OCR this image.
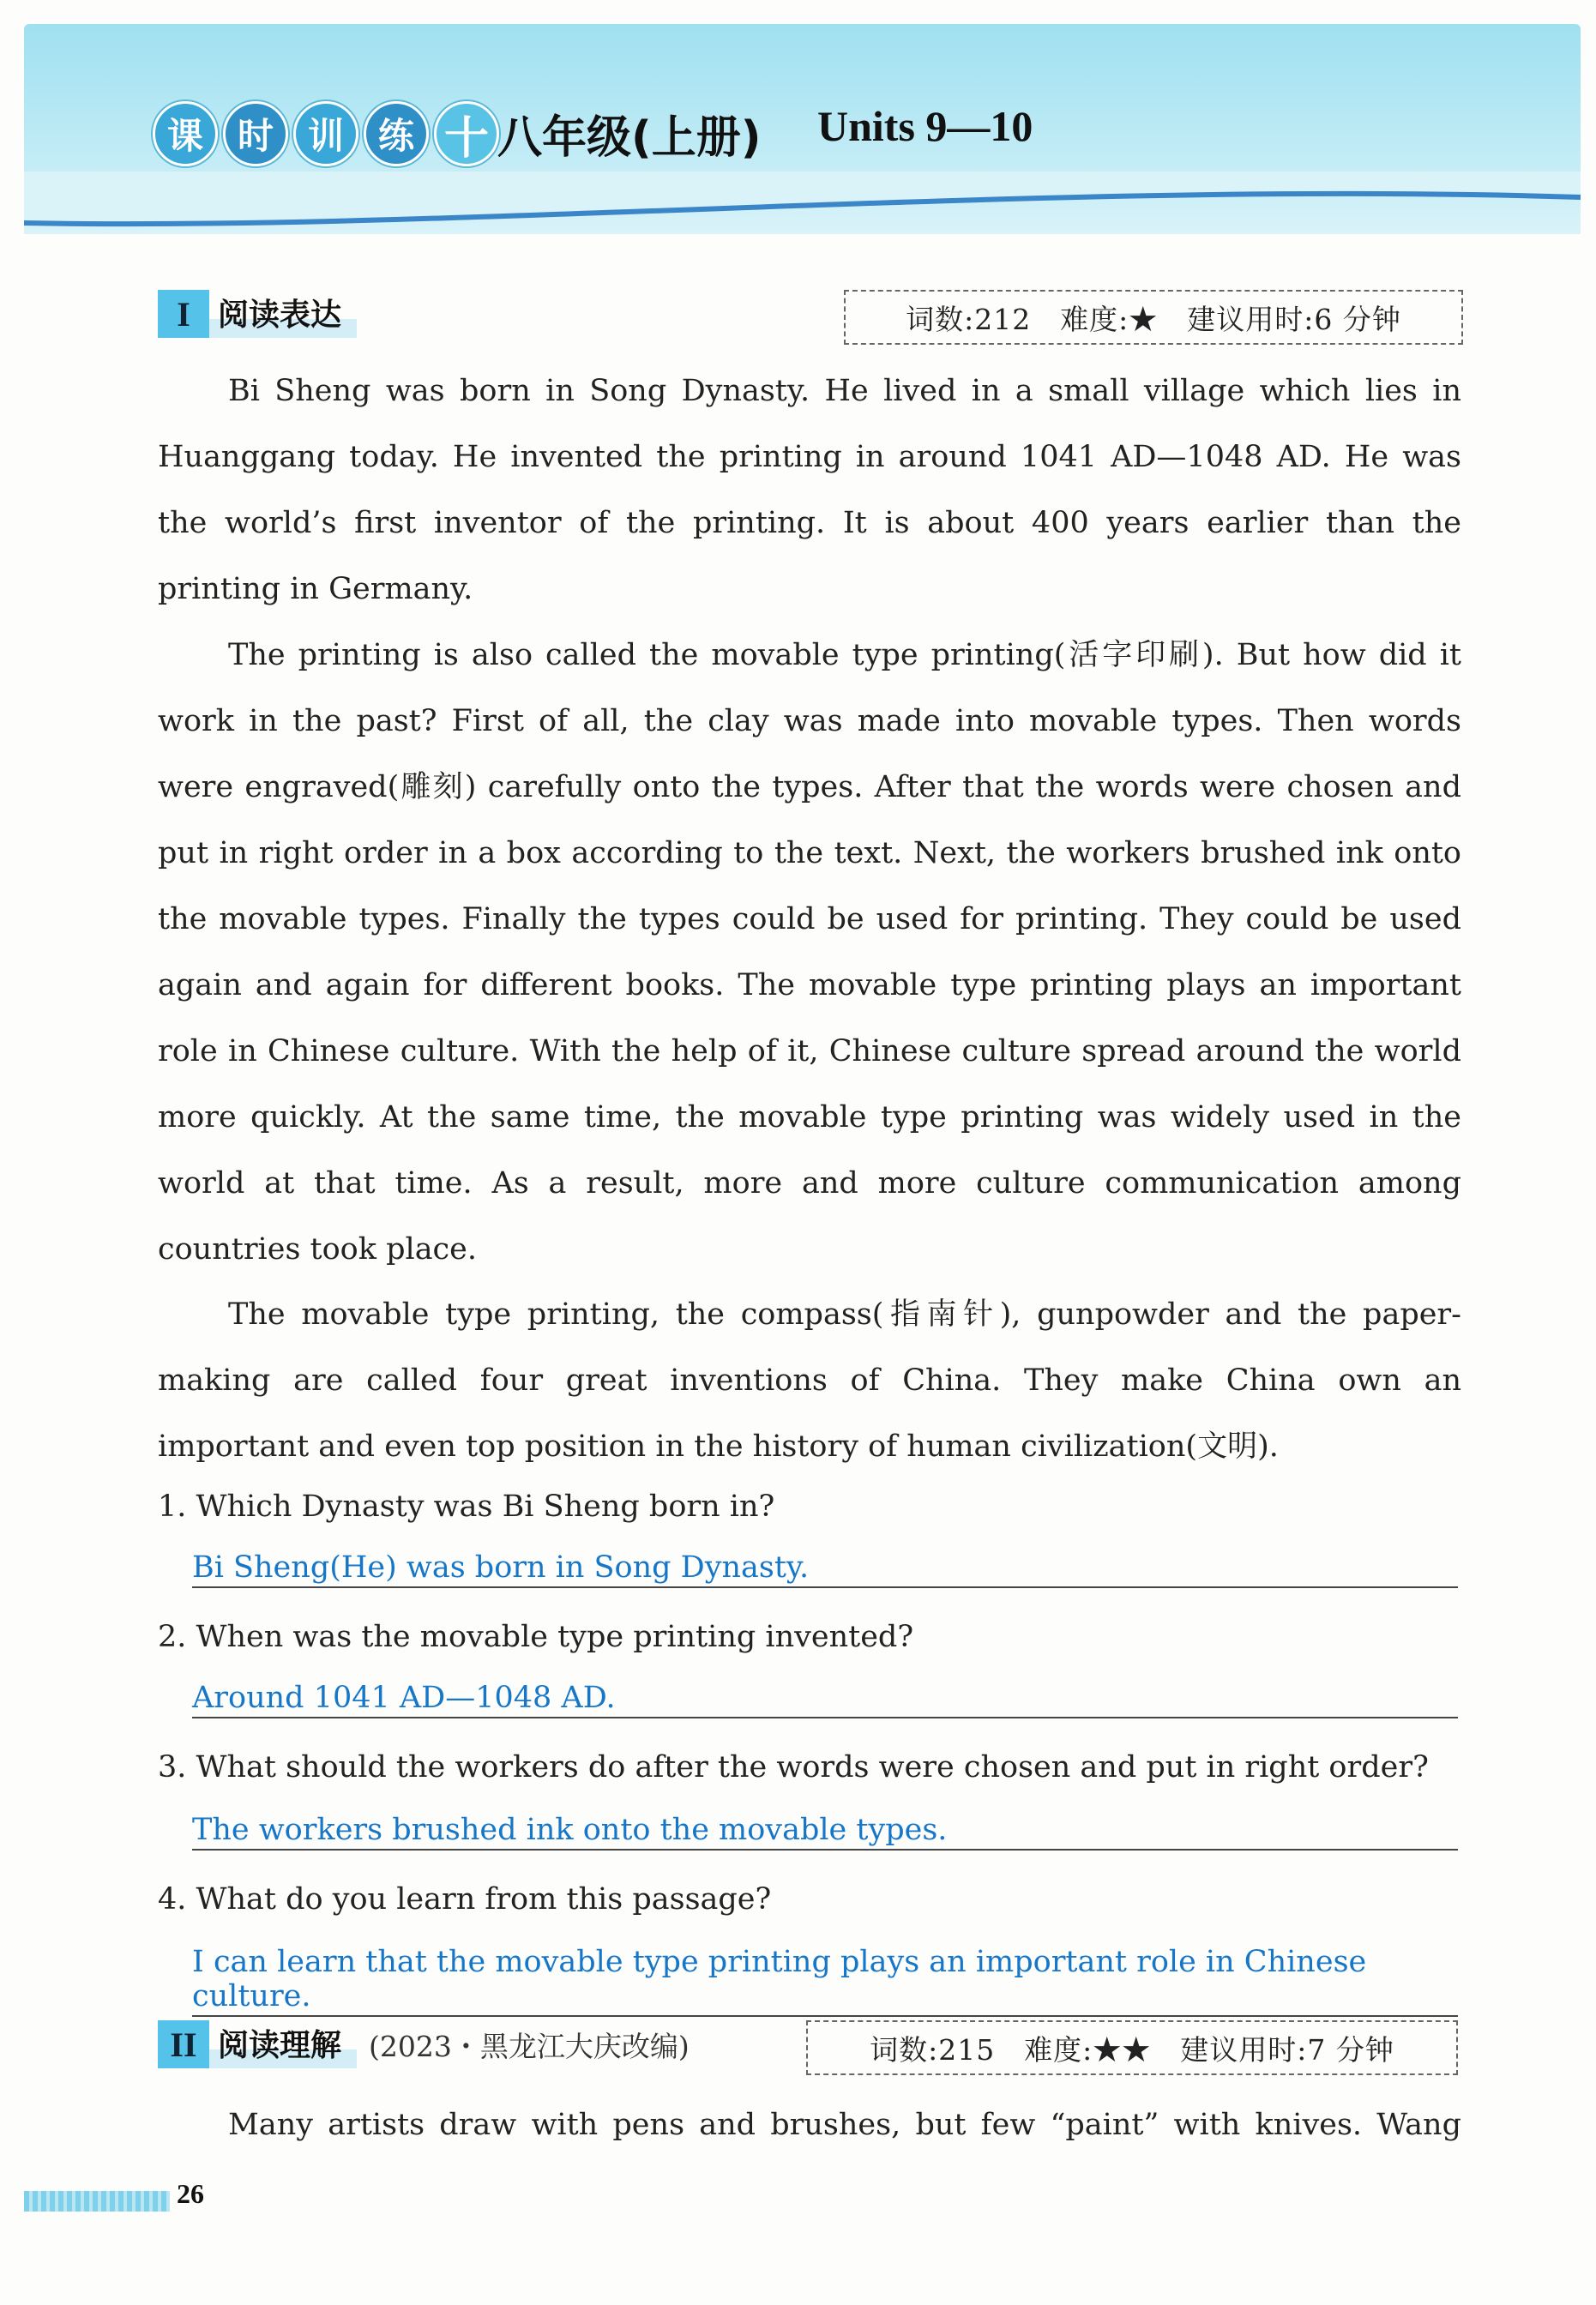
课 时 训 练 十 八年级(上册) Units 9—10
I 阅读表达	词数:212　难度:★　建议用时:6 分钟

Bi Sheng was born in Song Dynasty. He lived in a small village which lies in Huanggang today. He invented the printing in around 1041 AD—1048 AD. He was the world’s first inventor of the printing. It is about 400 years earlier than the printing in Germany.

The printing is also called the movable type printing(活字印刷). But how did it work in the past? First of all, the clay was made into movable types. Then words were engraved(雕刻) carefully onto the types. After that the words were chosen and put in right order in a box according to the text. Next, the workers brushed ink onto the movable types. Finally the types could be used for printing. They could be used again and again for different books. The movable type printing plays an important role in Chinese culture. With the help of it, Chinese culture spread around the world more quickly. At the same time, the movable type printing was widely used in the world at that time. As a result, more and more culture communication among countries took place.

The movable type printing, the compass(指南针), gunpowder and the paper-making are called four great inventions of China. They make China own an important and even top position in the history of human civilization(文明).

1. Which Dynasty was Bi Sheng born in?

Bi Sheng(He) was born in Song Dynasty.

2. When was the movable type printing invented?

Around 1041 AD—1048 AD.

3. What should the workers do after the words were chosen and put in right order?

The workers brushed ink onto the movable types.

4. What do you learn from this passage?

I can learn that the movable type printing plays an important role in Chinese culture.
II 阅读理解 (2023・黑龙江大庆改编)	词数:215　难度:★★　建议用时:7 分钟

Many artists draw with pens and brushes, but few “paint” with knives. Wang

26
